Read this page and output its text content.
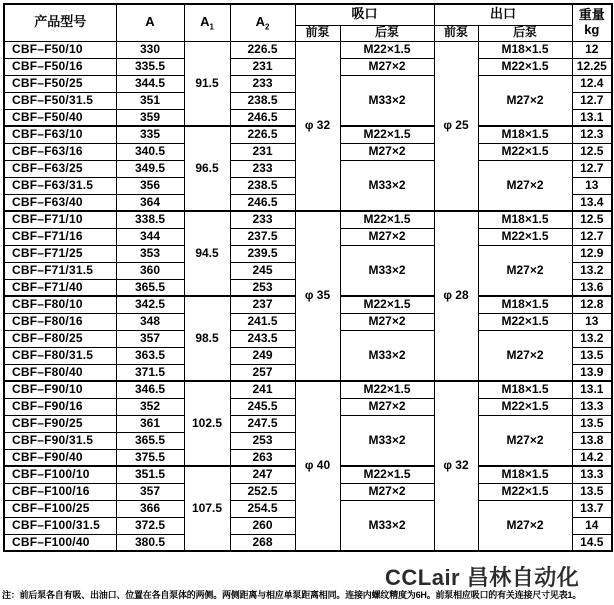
产品型号	A	$A_1$	$A_2$	吸口		出口		重量
kg

				前泵	后泵	前泵	后泵	
CBF–F50/10	330	91.5	226.5	φ 32	M22×1.5	φ 25	M18×1.5	12
CBF–F50/16	335.5		231		M27×2		M22×1.5	12.25
CBF–F50/25	344.5		233		M33×2		M27×2	12.4
CBF–F50/31.5	351		238.5					12.7
CBF–F50/40	359		246.5					13.1
CBF–F63/10	335	96.5	226.5		M22×1.5		M18×1.5	12.3
CBF–F63/16	340.5		231		M27×2		M22×1.5	12.5
CBF–F63/25	349.5		233		M33×2		M27×2	12.7
CBF–F63/31.5	356		238.5					13
CBF–F63/40	364		246.5					13.4
CBF–F71/10	338.5	94.5	233	φ 35	M22×1.5	φ 28	M18×1.5	12.5
CBF–F71/16	344		237.5		M27×2		M22×1.5	12.7
CBF–F71/25	353		239.5		M33×2		M27×2	12.9
CBF–F71/31.5	360		245					13.2
CBF–F71/40	365.5		253					13.6
CBF–F80/10	342.5	98.5	237		M22×1.5		M18×1.5	12.8
CBF–F80/16	348		241.5		M27×2		M22×1.5	13
CBF–F80/25	357		243.5		M33×2		M27×2	13.2
CBF–F80/31.5	363.5		249					13.5
CBF–F80/40	371.5		257					13.9
CBF–F90/10	346.5	102.5	241	φ 40	M22×1.5	φ 32	M18×1.5	13.1
CBF–F90/16	352		245.5		M27×2		M22×1.5	13.3
CBF–F90/25	361		247.5		M33×2		M27×2	13.5
CBF–F90/31.5	365.5		253					13.8
CBF–F90/40	375.5		263					14.2
CBF–F100/10	351.5	107.5	247		M22×1.5		M18×1.5	13.3
CBF–F100/16	357		252.5		M27×2		M22×1.5	13.5
CBF–F100/25	366		254.5		M33×2		M27×2	13.7
CBF–F100/31.5	372.5		260					14
CBF–F100/40	380.5		268					14.5
注：前后泵各自有吸、出油口、位置在各自泵体的两侧。两侧距离与相应单泵距离相同。连接内螺纹精度为6H。前泵相应吸口的有关连接尺寸见表1。
CCLair 昌林自动化
